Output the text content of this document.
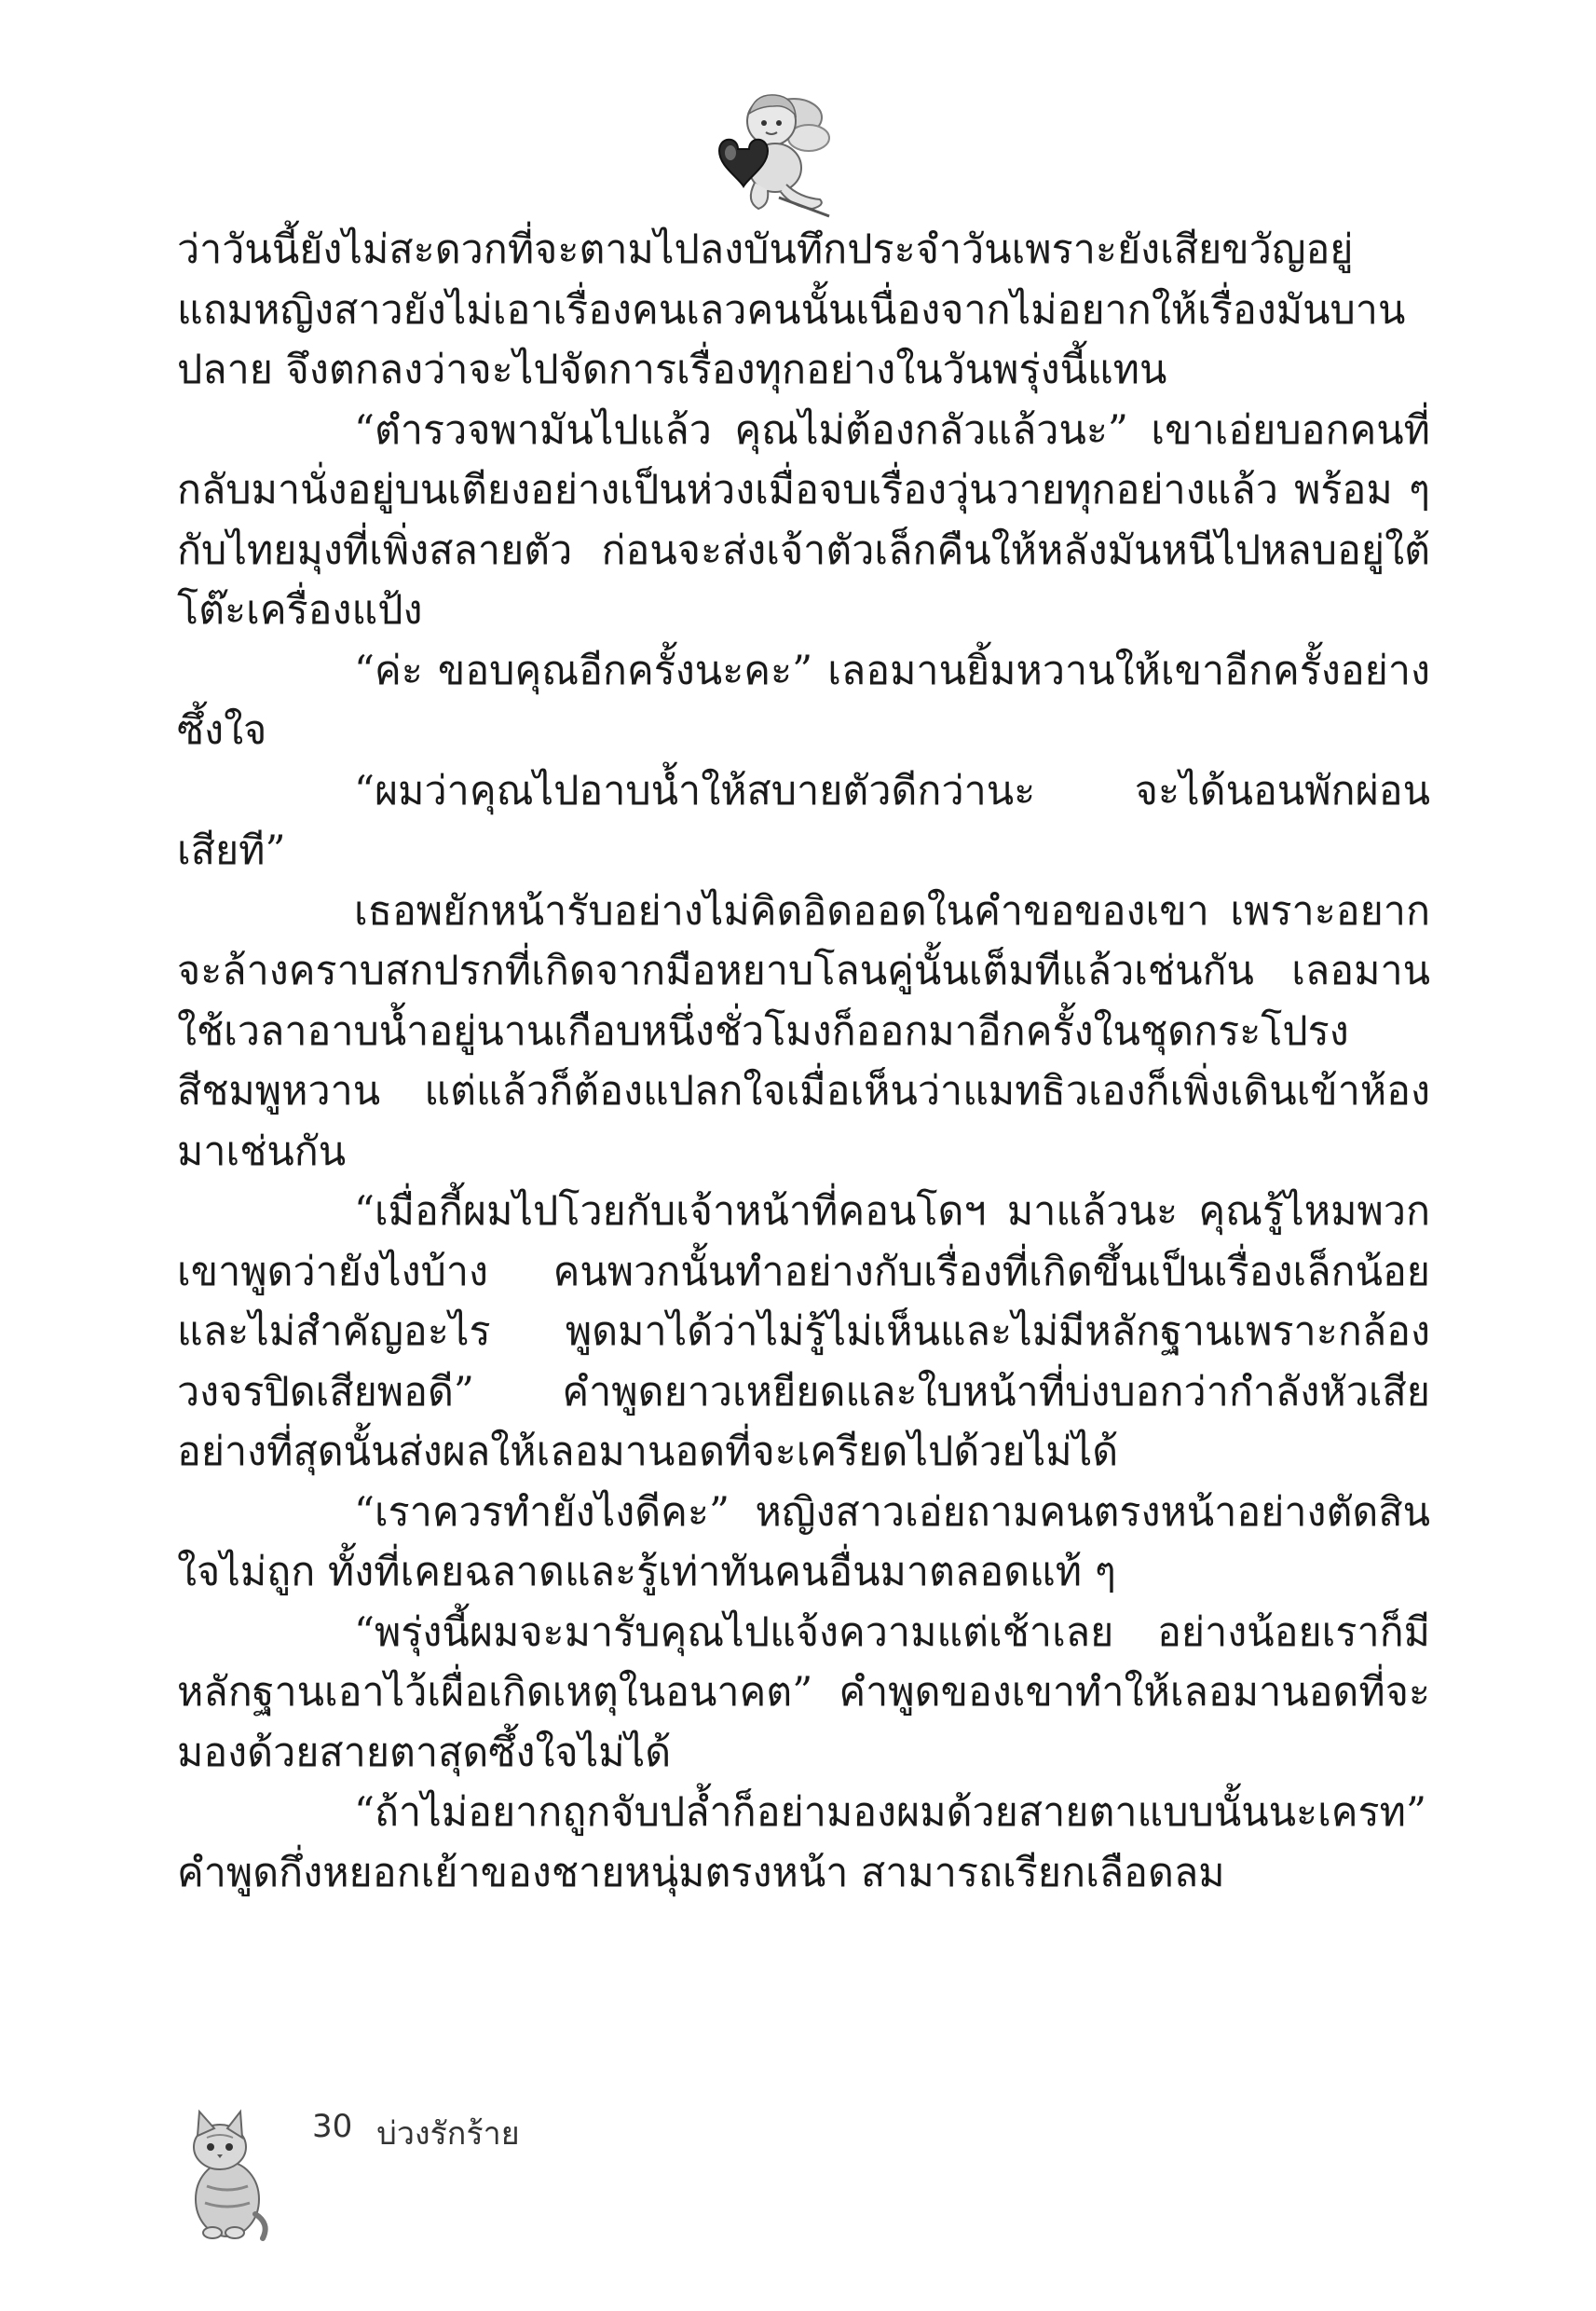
ว่าวันนี้ยังไม่สะดวกที่จะตามไปลงบันทึกประจำวันเพราะยังเสียขวัญอยู่ แถมหญิงสาวยังไม่เอาเรื่องคนเลวคนนั้นเนื่องจากไม่อยากให้เรื่องมันบานปลาย จึงตกลงว่าจะไปจัดการเรื่องทุกอย่างในวันพรุ่งนี้แทน

“ตำรวจพามันไปแล้ว คุณไม่ต้องกลัวแล้วนะ” เขาเอ่ยบอกคนที่กลับมานั่งอยู่บนเตียงอย่างเป็นห่วงเมื่อจบเรื่องวุ่นวายทุกอย่างแล้ว พร้อม ๆ กับไทยมุงที่เพิ่งสลายตัว ก่อนจะส่งเจ้าตัวเล็กคืนให้หลังมันหนีไปหลบอยู่ใต้โต๊ะเครื่องแป้ง

“ค่ะ ขอบคุณอีกครั้งนะคะ” เลอมานยิ้มหวานให้เขาอีกครั้งอย่างซึ้งใจ

“ผมว่าคุณไปอาบน้ำให้สบายตัวดีกว่านะ จะได้นอนพักผ่อนเสียที”

เธอพยักหน้ารับอย่างไม่คิดอิดออดในคำขอของเขา เพราะอยากจะล้างคราบสกปรกที่เกิดจากมือหยาบโลนคู่นั้นเต็มทีแล้วเช่นกัน เลอมานใช้เวลาอาบน้ำอยู่นานเกือบหนึ่งชั่วโมงก็ออกมาอีกครั้งในชุดกระโปรงสีชมพูหวาน แต่แล้วก็ต้องแปลกใจเมื่อเห็นว่าแมทธิวเองก็เพิ่งเดินเข้าห้องมาเช่นกัน

“เมื่อกี้ผมไปโวยกับเจ้าหน้าที่คอนโดฯ มาแล้วนะ คุณรู้ไหมพวกเขาพูดว่ายังไงบ้าง คนพวกนั้นทำอย่างกับเรื่องที่เกิดขึ้นเป็นเรื่องเล็กน้อยและไม่สำคัญอะไร พูดมาได้ว่าไม่รู้ไม่เห็นและไม่มีหลักฐานเพราะกล้องวงจรปิดเสียพอดี” คำพูดยาวเหยียดและใบหน้าที่บ่งบอกว่ากำลังหัวเสียอย่างที่สุดนั้นส่งผลให้เลอมานอดที่จะเครียดไปด้วยไม่ได้

“เราควรทำยังไงดีคะ” หญิงสาวเอ่ยถามคนตรงหน้าอย่างตัดสินใจไม่ถูก ทั้งที่เคยฉลาดและรู้เท่าทันคนอื่นมาตลอดแท้ ๆ

“พรุ่งนี้ผมจะมารับคุณไปแจ้งความแต่เช้าเลย อย่างน้อยเราก็มีหลักฐานเอาไว้เผื่อเกิดเหตุในอนาคต” คำพูดของเขาทำให้เลอมานอดที่จะมองด้วยสายตาสุดซึ้งใจไม่ได้

“ถ้าไม่อยากถูกจับปล้ำก็อย่ามองผมด้วยสายตาแบบนั้นนะเครท” คำพูดกึ่งหยอกเย้าของชายหนุ่มตรงหน้า สามารถเรียกเลือดลม

30 บ่วงรักร้าย
